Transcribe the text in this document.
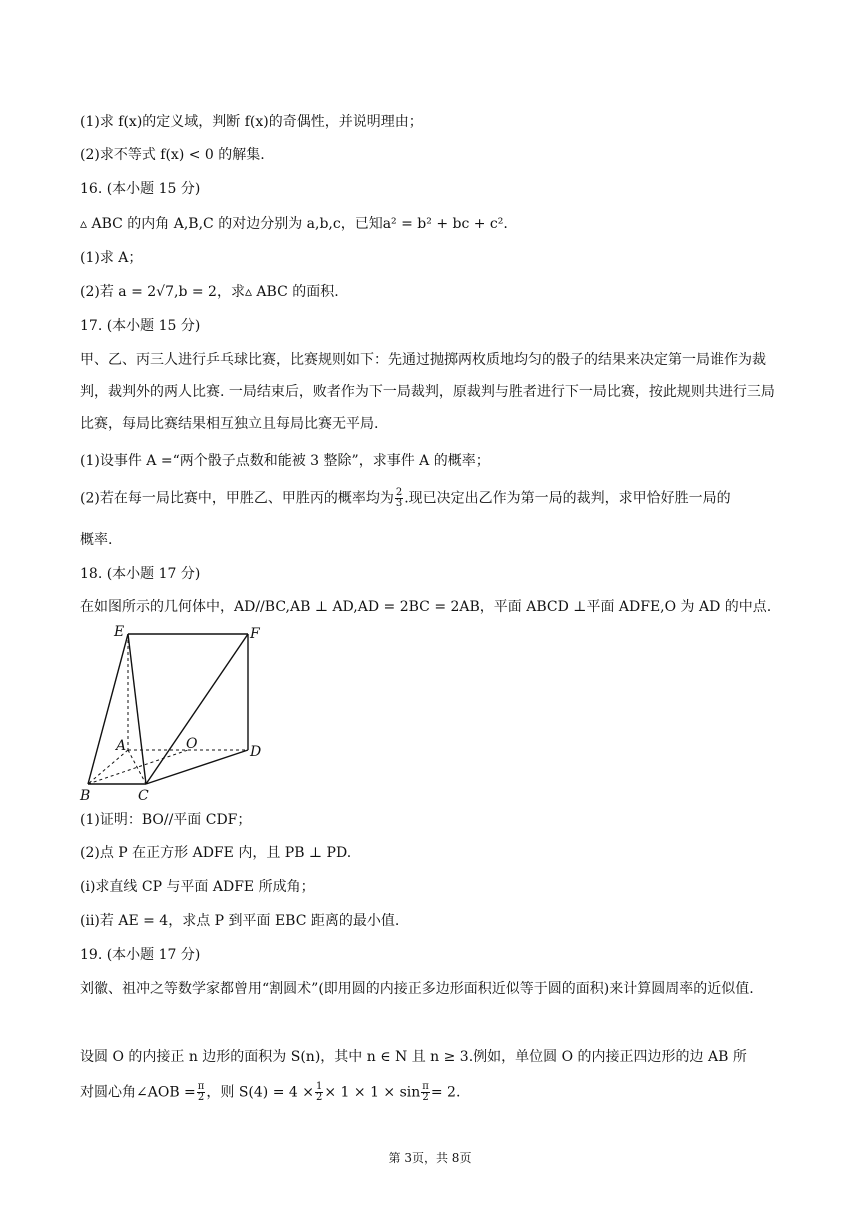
(1)求 f(x)的定义域，判断 f(x)的奇偶性，并说明理由；
(2)求不等式 f(x) < 0 的解集.
16. (本小题 15 分)
▵ ABC 的内角 A,B,C 的对边分别为 a,b,c，已知a² = b² + bc + c².
(1)求 A；
(2)若 a = 2√7,b = 2，求▵ ABC 的面积.
17. (本小题 15 分)
甲、乙、丙三人进行乒乓球比赛，比赛规则如下：先通过抛掷两枚质地均匀的骰子的结果来决定第一局谁作为裁判，裁判外的两人比赛. 一局结束后，败者作为下一局裁判，原裁判与胜者进行下一局比赛，按此规则共进行三局比赛，每局比赛结果相互独立且每局比赛无平局.
(1)设事件 A =“两个骰子点数和能被 3 整除”，求事件 A 的概率；
(2)若在每一局比赛中，甲胜乙、甲胜丙的概率均为 $\frac{2}{3}$ .现已决定出乙作为第一局的裁判，求甲恰好胜一局的
概率.
18. (本小题 17 分)
在如图所示的几何体中，AD//BC,AB ⊥ AD,AD = 2BC = 2AB，平面 ABCD ⊥平面 ADFE,O 为 AD 的中点.
E	F
A	O	D
B	C
(1)证明：BO//平面 CDF；
(2)点 P 在正方形 ADFE 内，且 PB ⊥ PD.
(ⅰ)求直线 CP 与平面 ADFE 所成角；
(ⅱ)若 AE = 4，求点 P 到平面 EBC 距离的最小值.
19. (本小题 17 分)
刘徽、祖冲之等数学家都曾用“割圆术”(即用圆的内接正多边形面积近似等于圆的面积)来计算圆周率的近似值.
设圆 O 的内接正 n 边形的面积为 S(n)，其中 n ∈ N 且 n ≥ 3.例如，单位圆 O 的内接正四边形的边 AB 所
对圆心角∠AOB = $\frac{\pi}{2}$ ，则 $S(4) = 4 \times \frac{1}{2} \times 1 \times 1 \times \sin \frac{\pi}{2} = 2$.
第 3页，共 8页
